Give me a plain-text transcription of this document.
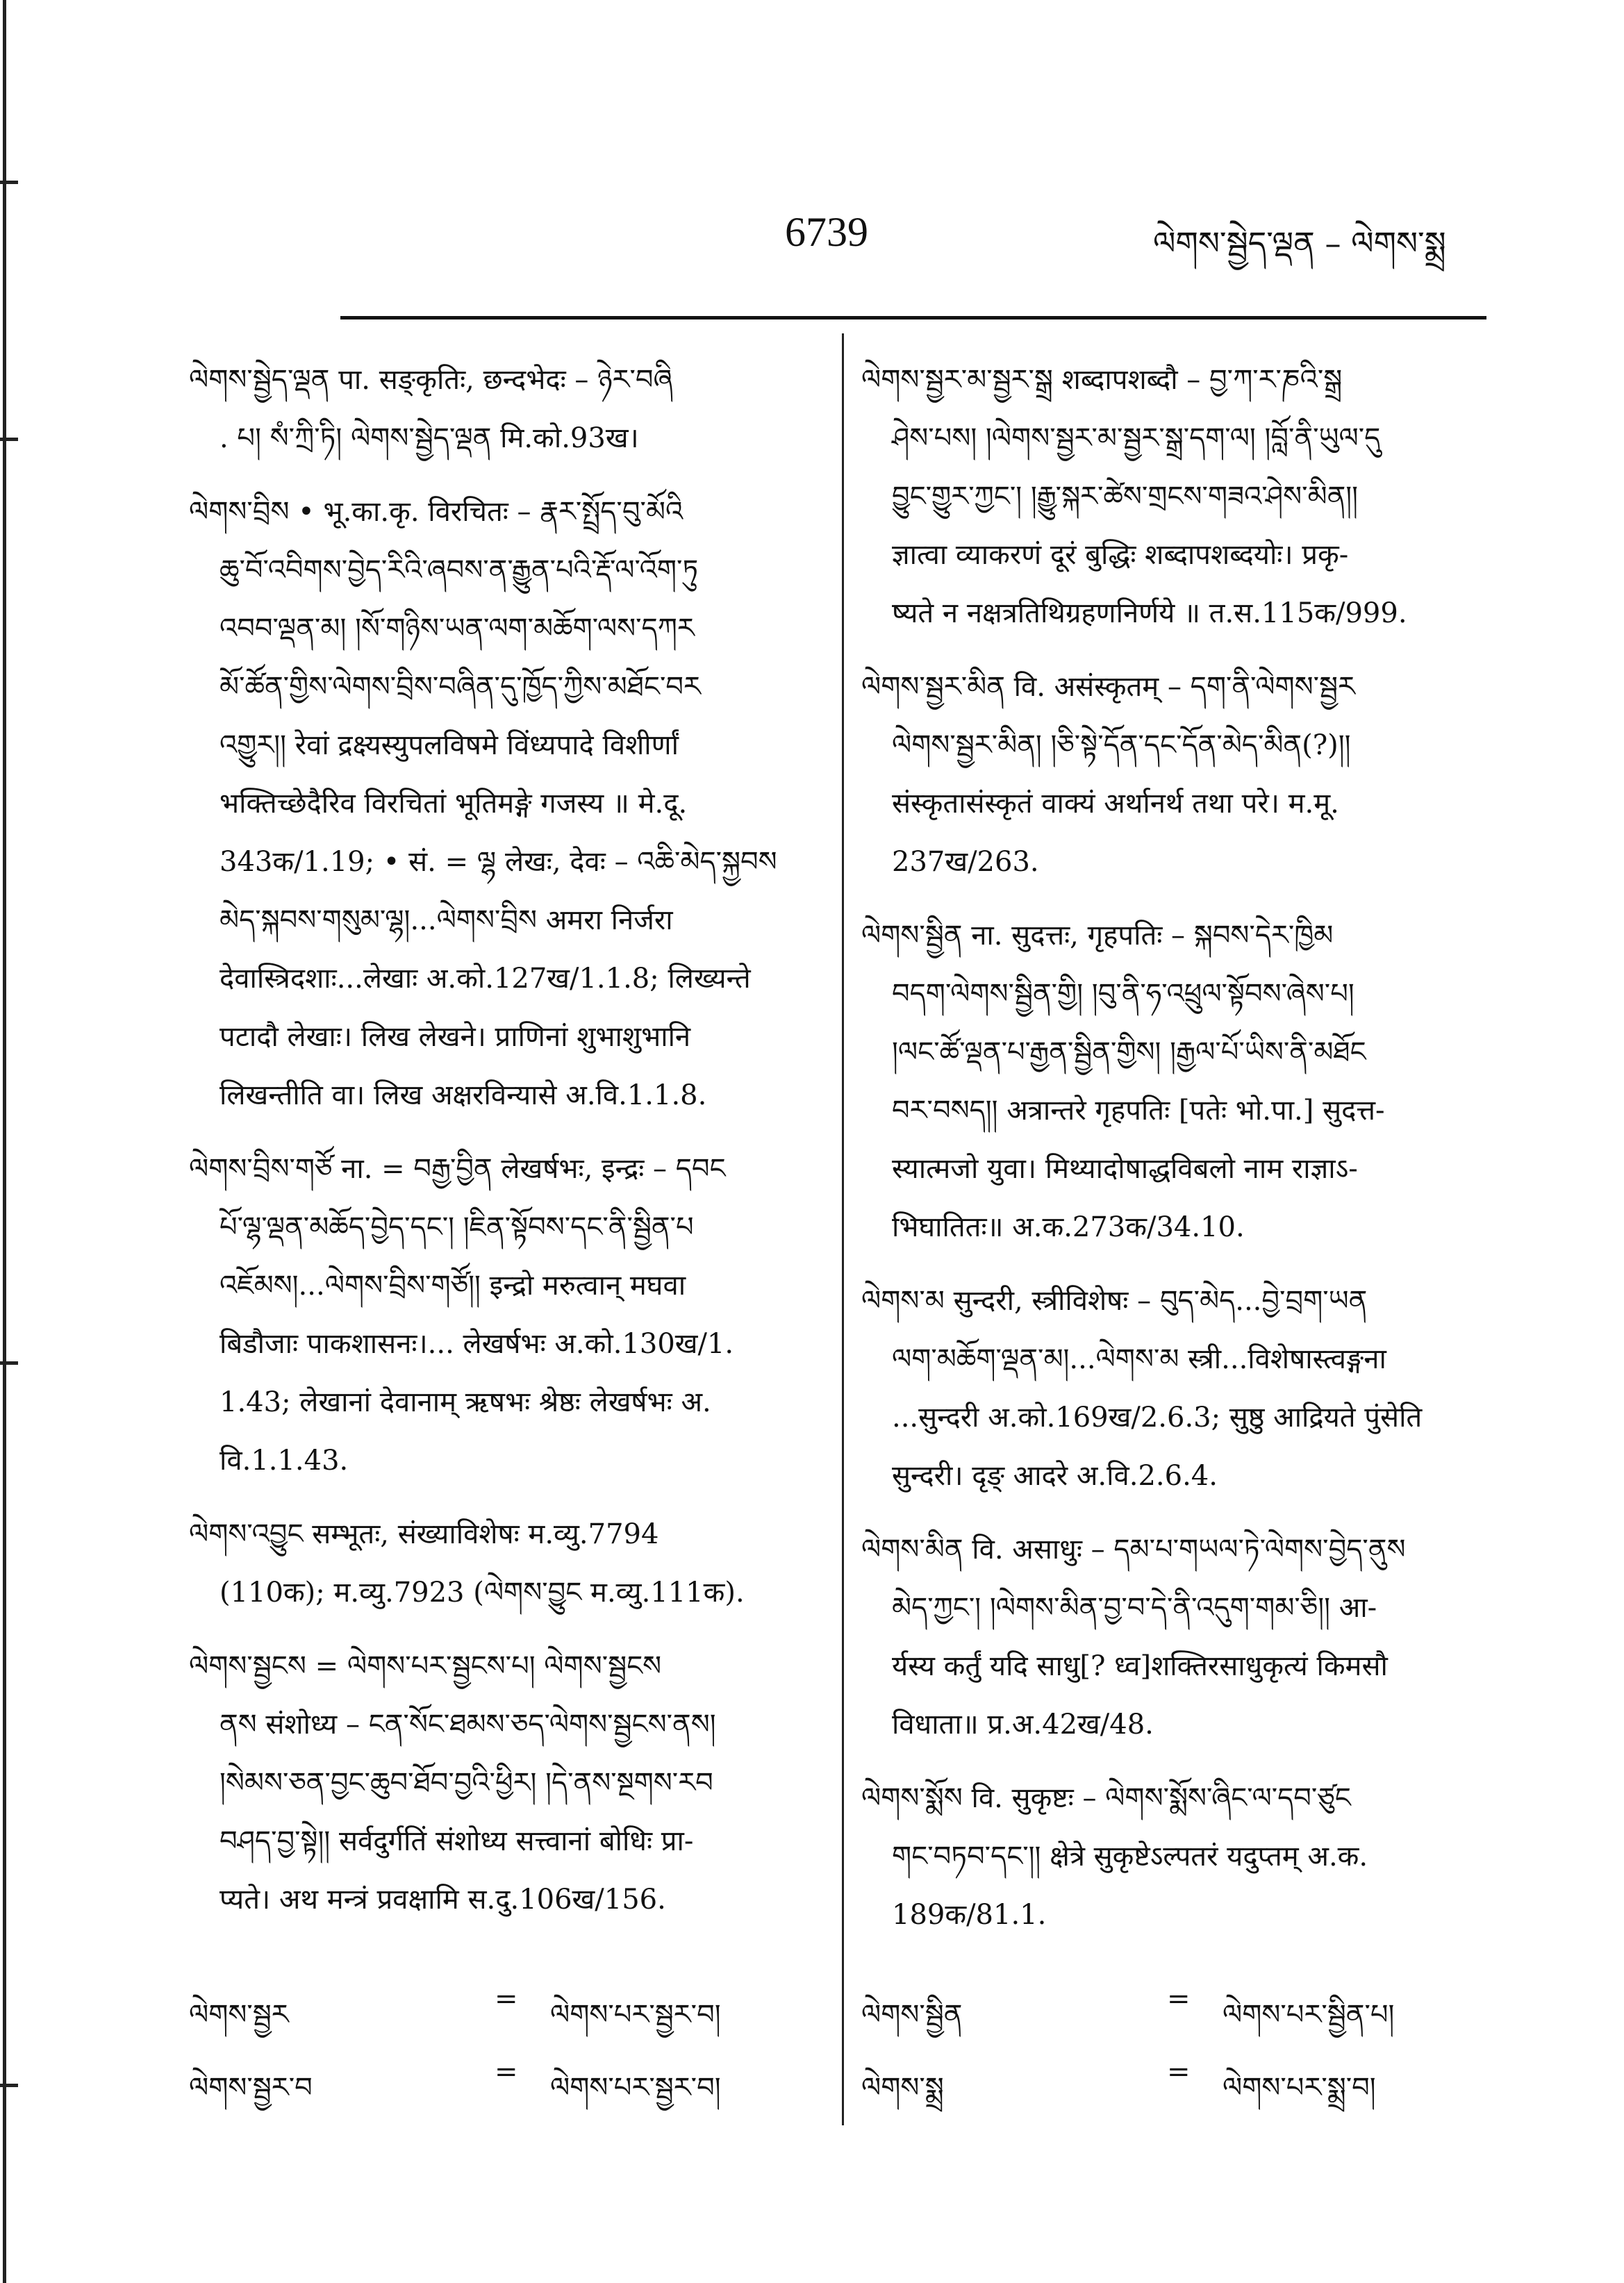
6739	ལེགས་སྦྱེད་ལྡན – ལེགས་སྨྲ
ལེགས་སྦྱེད་ལྡན पा. सङ्कृतिः, छन्दभेदः – ཉེར་བཞི
. པ། སཾ་ཀྲི་ཏི། ལེགས་སྦྱེད་ལྡན मि.को.93ख।
ལེགས་བྲིས • भू.का.कृ. विरचितः – རྣར་སྤྲོད་བུ་མོའི
ཆུ་བོ་འབིགས་བྱེད་རིའི་ཞབས་ན་རྒྱུན་པའི་རྡོ་ལ་འོག་ཏུ
འབབ་ལྡན་མ། །སོ་གཉིས་ཡན་ལག་མཆོག་ལས་དཀར
མོ་ཚོན་གྱིས་ལེགས་བྲིས་བཞིན་དུ་ཁྱོད་ཀྱིས་མཐོང་བར
འགྱུར།། रेवां द्रक्ष्यस्युपलविषमे विंध्यपादे विशीर्णां
भक्तिच्छेदैरिव विरचितां भूतिमङ्गे गजस्य ॥ मे.दू.
343क/1.19; • सं. = ལྷ लेखः, देवः – འཆི་མེད་སྐྱབས
མེད་སྐབས་གསུམ་ལྷ།...ལེགས་བྲིས अमरा निर्जरा
देवास्त्रिदशाः...लेखाः अ.को.127ख/1.1.8; लिख्यन्ते
पटादौ लेखाः। लिख लेखने। प्राणिनां शुभाशुभानि
लिखन्तीति वा। लिख अक्षरविन्यासे अ.वि.1.1.8.
ལེགས་བྲིས་གཙོ ना. = བརྒྱ་བྱིན लेखर्षभः, इन्द्रः – དབང
པོ་ལྷ་ལྡན་མཆོད་བྱེད་དང་། །ཇིན་སྟོབས་དང་ནི་སྦྱིན་པ
འཇོམས།...ལེགས་བྲིས་གཙོ།། इन्द्रो मरुत्वान् मघवा
बिडौजाः पाकशासनः।... लेखर्षभः अ.को.130ख/1.
1.43; लेखानां देवानाम् ऋषभः श्रेष्ठः लेखर्षभः अ.
वि.1.1.43.
ལེགས་འབྱུང सम्भूतः, संख्याविशेषः म.व्यु.7794
(110क); म.व्यु.7923 (ལེགས་བྱུང म.व्यु.111क).
ལེགས་སྦྱངས = ལེགས་པར་སྦྱངས་པ། ལེགས་སྦྱངས
ནས संशोध्य – ངན་སོང་ཐམས་ཅད་ལེགས་སྦྱངས་ནས།
།སེམས་ཅན་བྱང་ཆུབ་ཐོབ་བྱའི་ཕྱིར། །དེ་ནས་སྔགས་རབ
བཤད་བྱ་སྟེ།། सर्वदुर्गतिं संशोध्य सत्त्वानां बोधिः प्रा-
प्यते। अथ मन्त्रं प्रवक्षामि स.दु.106ख/156.
ལེགས་སྦྱར་མ་སྦྱར་སྒྲ शब्दापशब्दौ – བྱ་ཀ་ར་ཎའི་སྒྲ
ཤེས་པས། །ལེགས་སྦྱར་མ་སྦྱར་སྒྲ་དག་ལ། །བློ་ནི་ཡུལ་དུ
བྱུང་གྱུར་ཀྱང་། །རྒྱུ་སྐར་ཚེས་གྲངས་གཟའ་ཤེས་མིན།།
ज्ञात्वा व्याकरणं दूरं बुद्धिः शब्दापशब्दयोः। प्रकृ-
ष्यते न नक्षत्रतिथिग्रहणनिर्णये ॥ त.स.115क/999.
ལེགས་སྦྱར་མིན वि. असंस्कृतम् – དག་ནི་ལེགས་སྦྱར
ལེགས་སྦྱར་མིན། །ཅི་སྟེ་དོན་དང་དོན་མེད་མིན(?)།།
संस्कृतासंस्कृतं वाक्यं अर्थानर्थ तथा परे। म.मू.
237ख/263.
ལེགས་སྦྱིན ना. सुदत्तः, गृहपतिः – སྐབས་དེར་ཁྱིམ
བདག་ལེགས་སྦྱིན་གྱི། །བུ་ནི་ཧ་འཕྲུལ་སྟོབས་ཞེས་པ།
།ལང་ཚོ་ལྡན་པ་རྒྱན་སྦྱིན་གྱིས། །རྒྱལ་པོ་ཡིས་ནི་མཐོང
བར་བསད།། अत्रान्तरे गृहपतिः [पतेः भो.पा.] सुदत्त-
स्यात्मजो युवा। मिथ्यादोषाद्धविबलो नाम राज्ञाऽ-
भिघातितः॥ अ.क.273क/34.10.
ལེགས་མ सुन्दरी, स्त्रीविशेषः – བུད་མེད...བྱེ་བྲག་ཡན
ལག་མཆོག་ལྡན་མ།...ལེགས་མ स्त्री...विशेषास्त्वङ्गना
...सुन्दरी अ.को.169ख/2.6.3; सुष्ठु आद्रियते पुंसेति
सुन्दरी। दृङ् आदरे अ.वि.2.6.4.
ལེགས་མིན वि. असाधुः – དམ་པ་གཡལ་ཏེ་ལེགས་བྱེད་ནུས
མེད་ཀྱང་། །ལེགས་མིན་བྱ་བ་དེ་ནི་འདུག་གམ་ཅི།། आ-
र्यस्य कर्तुं यदि साधु[? ध्व]शक्तिरसाधुकृत्यं किमसौ
विधाता॥ प्र.अ.42ख/48.
ལེགས་སྨོས वि. सुकृष्टः – ལེགས་སྨོས་ཞིང་ལ་དབ་ཙུང
གང་བཏབ་དང་།། क्षेत्रे सुकृष्टेऽल्पतरं यदुप्तम् अ.क.
189क/81.1.
ལེགས་སྦྱར	= ལེགས་པར་སྦྱར་བ།
ལེགས་སྦྱར་བ	= ལེགས་པར་སྦྱར་བ།
ལེགས་སྦྱིན	= ལེགས་པར་སྦྱིན་པ།
ལེགས་སྨྲ	= ལེགས་པར་སྨྲ་བ།
